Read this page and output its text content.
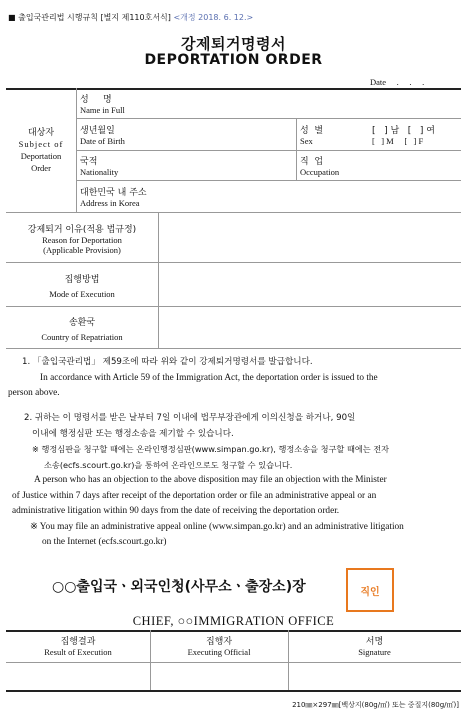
■ 출입국관리법 시행규칙 [별지 제110호서식] <개정 2018. 6. 12.>
강제퇴거명령서
DEPORTATION ORDER
Date     .     .     .
대상자
Subject of
Deportation
Order
성     명
Name in Full
생년월일
Date of Birth
성  별
Sex
[   ] 남   [   ] 여
[   ] M     [   ] F
국적
Nationality
직  업
Occupation
대한민국 내 주소
Address in Korea
강제퇴거 이유(적용 법규정)
Reason for Deportation
(Applicable Provision)
집행방법
Mode of Execution
송환국
Country of Repatriation
1. 「출입국관리법」 제59조에 따라 위와 같이 강제퇴거명령서를 발급합니다.
In accordance with Article 59 of the Immigration Act, the deportation order is issued to the
person above.
2. 귀하는 이 명령서를 받은 날부터 7일 이내에 법무부장관에게 이의신청을 하거나, 90일
이내에 행정심판 또는 행정소송을 제기할 수 있습니다.
※ 행정심판을 청구할 때에는 온라인행정심판(www.simpan.go.kr), 행정소송을 청구할 때에는 전자
소송(ecfs.scourt.go.kr)을 통하여 온라인으로도 청구할 수 있습니다.
A person who has an objection to the above disposition may file an objection with the Minister
of Justice within 7 days after receipt of the deportation order or file an administrative appeal or an
administrative litigation within 90 days from the date of receiving the deportation order.
※ You may file an administrative appeal online (www.simpan.go.kr) and an administrative litigation
on the Internet (ecfs.scourt.go.kr)
○○출입국ㆍ외국인청(사무소ㆍ출장소)장	직인
CHIEF, ○○IMMIGRATION OFFICE
집행결과
Result of Execution
집행자
Executing Official
서명
Signature
210㎜×297㎜[백상지(80g/㎡) 또는 중질지(80g/㎡)]
